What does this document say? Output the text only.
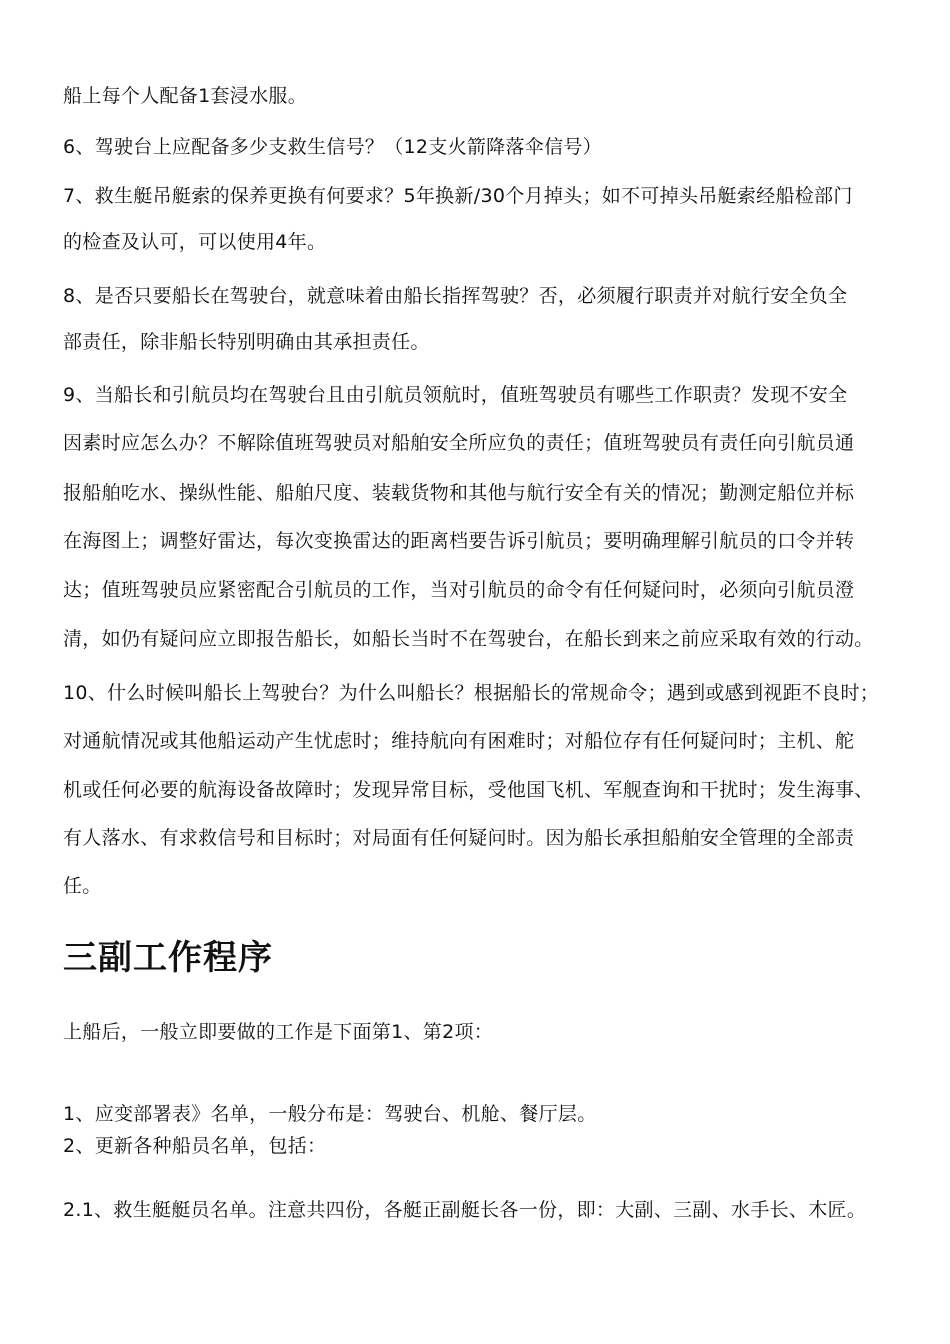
船上每个人配备1套浸水服。
6、驾驶台上应配备多少支救生信号？（12支火箭降落伞信号）
7、救生艇吊艇索的保养更换有何要求？5年换新/30个月掉头；如不可掉头吊艇索经船检部门
的检查及认可，可以使用4年。
8、是否只要船长在驾驶台，就意味着由船长指挥驾驶？否，必须履行职责并对航行安全负全
部责任，除非船长特别明确由其承担责任。
9、当船长和引航员均在驾驶台且由引航员领航时，值班驾驶员有哪些工作职责？发现不安全
因素时应怎么办？不解除值班驾驶员对船舶安全所应负的责任；值班驾驶员有责任向引航员通
报船舶吃水、操纵性能、船舶尺度、装载货物和其他与航行安全有关的情况；勤测定船位并标
在海图上；调整好雷达，每次变换雷达的距离档要告诉引航员；要明确理解引航员的口令并转
达；值班驾驶员应紧密配合引航员的工作，当对引航员的命令有任何疑问时，必须向引航员澄
清，如仍有疑问应立即报告船长，如船长当时不在驾驶台，在船长到来之前应采取有效的行动。
10、什么时候叫船长上驾驶台？为什么叫船长？根据船长的常规命令；遇到或感到视距不良时；
对通航情况或其他船运动产生忧虑时；维持航向有困难时；对船位存有任何疑问时；主机、舵
机或任何必要的航海设备故障时；发现异常目标，受他国飞机、军舰查询和干扰时；发生海事、
有人落水、有求救信号和目标时；对局面有任何疑问时。因为船长承担船舶安全管理的全部责
任。
三副工作程序
上船后，一般立即要做的工作是下面第1、第2项：
1、应变部署表》名单，一般分布是：驾驶台、机舱、餐厅层。
2、更新各种船员名单，包括：
2.1、救生艇艇员名单。注意共四份，各艇正副艇长各一份，即：大副、三副、水手长、木匠。
